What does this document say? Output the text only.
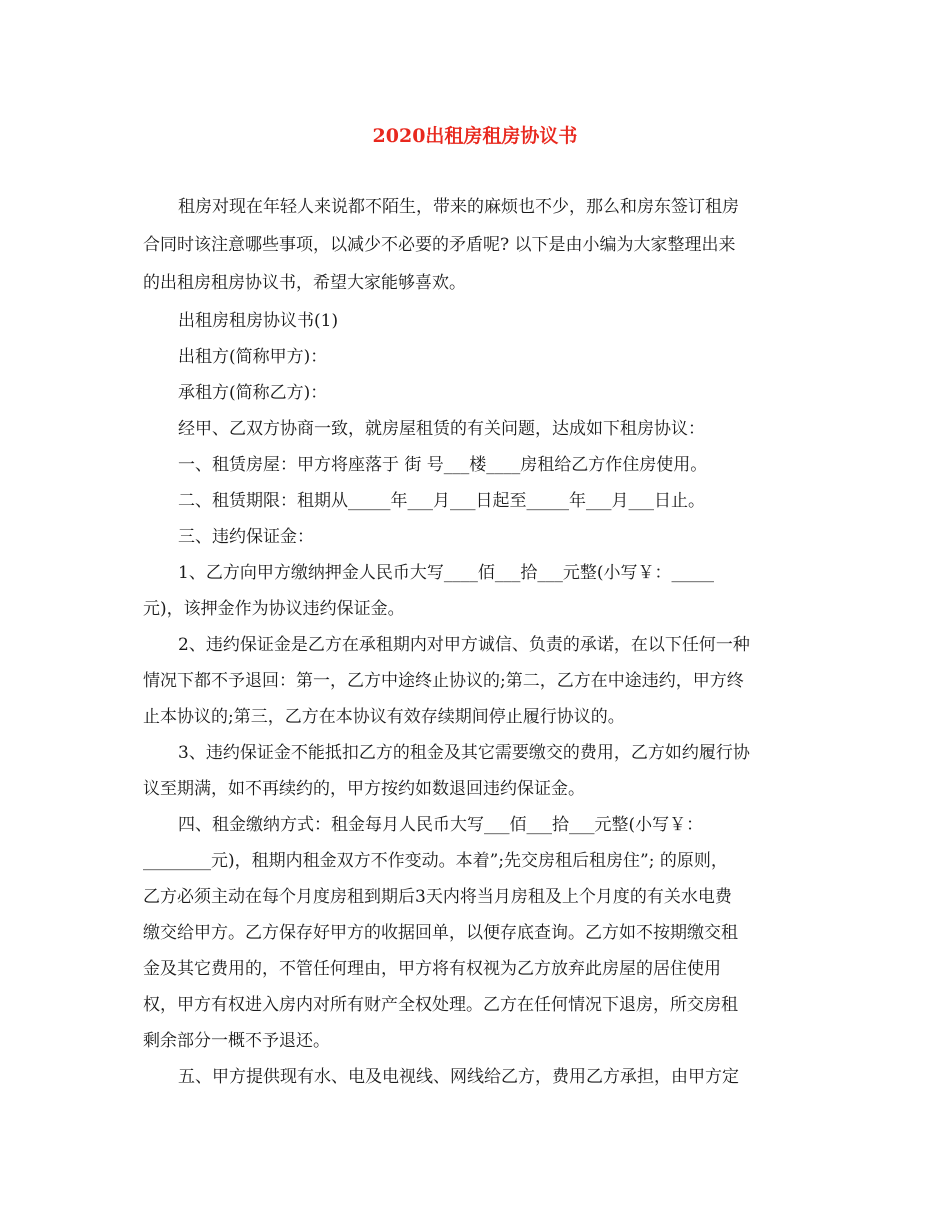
2020出租房租房协议书
租房对现在年轻人来说都不陌生，带来的麻烦也不少，那么和房东签订租房
合同时该注意哪些事项，以减少不必要的矛盾呢? 以下是由小编为大家整理出来
的出租房租房协议书，希望大家能够喜欢。
出租房租房协议书(1)
出租方(简称甲方)：
承租方(简称乙方)：
经甲、乙双方协商一致，就房屋租赁的有关问题，达成如下租房协议：
一、租赁房屋：甲方将座落于 街 号___楼____房租给乙方作住房使用。
二、租赁期限：租期从_____年___月___日起至_____年___月___日止。
三、违约保证金：
1、乙方向甲方缴纳押金人民币大写____佰___拾___元整(小写￥：_____
元)，该押金作为协议违约保证金。
2、违约保证金是乙方在承租期内对甲方诚信、负责的承诺，在以下任何一种
情况下都不予退回：第一，乙方中途终止协议的;第二，乙方在中途违约，甲方终
止本协议的;第三，乙方在本协议有效存续期间停止履行协议的。
3、违约保证金不能抵扣乙方的租金及其它需要缴交的费用，乙方如约履行协
议至期满，如不再续约的，甲方按约如数退回违约保证金。
四、租金缴纳方式：租金每月人民币大写___佰___拾___元整(小写￥：
________元)，租期内租金双方不作变动。本着”;先交房租后租房住”; 的原则，
乙方必须主动在每个月度房租到期后3天内将当月房租及上个月度的有关水电费
缴交给甲方。乙方保存好甲方的收据回单，以便存底查询。乙方如不按期缴交租
金及其它费用的，不管任何理由，甲方将有权视为乙方放弃此房屋的居住使用
权，甲方有权进入房内对所有财产全权处理。乙方在任何情况下退房，所交房租
剩余部分一概不予退还。
五、甲方提供现有水、电及电视线、网线给乙方，费用乙方承担，由甲方定
